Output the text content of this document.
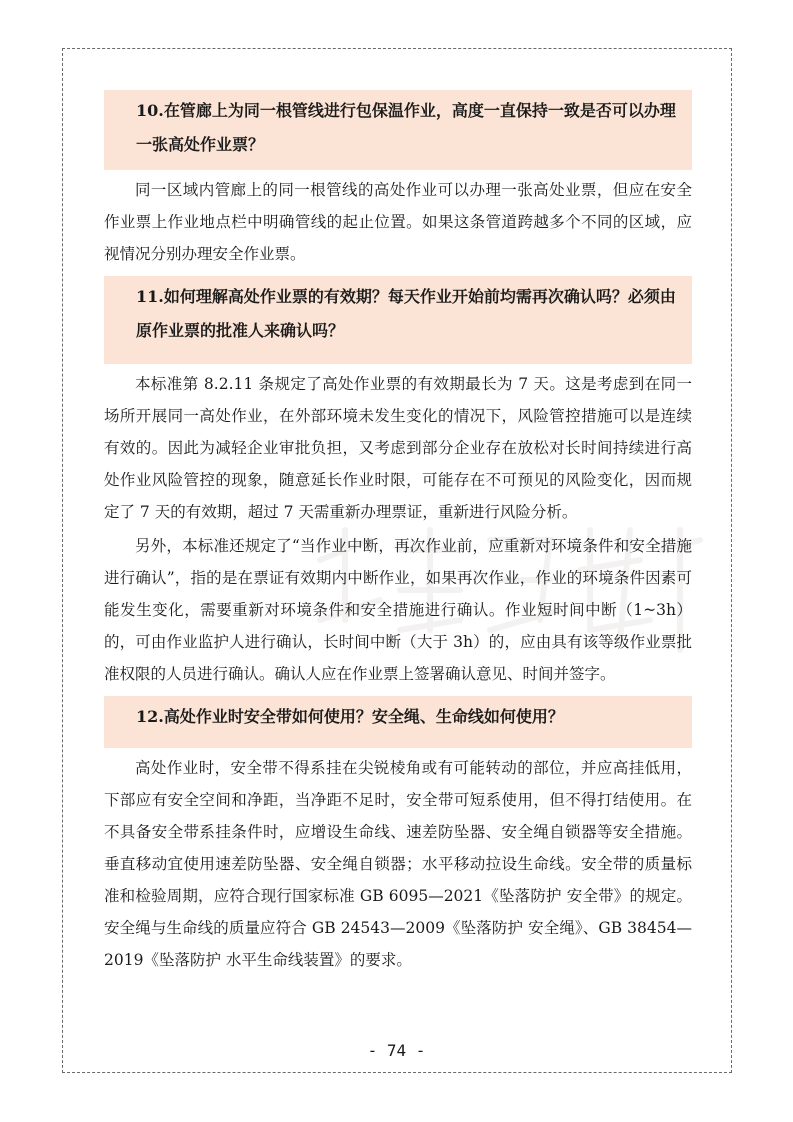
10.在管廊上为同一根管线进行包保温作业，高度一直保持一致是否可以办理一张高处作业票？

同一区域内管廊上的同一根管线的高处作业可以办理一张高处业票，但应在安全作业票上作业地点栏中明确管线的起止位置。如果这条管道跨越多个不同的区域，应视情况分别办理安全作业票。

11.如何理解高处作业票的有效期？每天作业开始前均需再次确认吗？必须由原作业票的批准人来确认吗？

本标准第 8.2.11 条规定了高处作业票的有效期最长为 7 天。这是考虑到在同一场所开展同一高处作业，在外部环境未发生变化的情况下，风险管控措施可以是连续有效的。因此为减轻企业审批负担，又考虑到部分企业存在放松对长时间持续进行高处作业风险管控的现象，随意延长作业时限，可能存在不可预见的风险变化，因而规定了 7 天的有效期，超过 7 天需重新办理票证，重新进行风险分析。

另外，本标准还规定了“当作业中断，再次作业前，应重新对环境条件和安全措施进行确认”，指的是在票证有效期内中断作业，如果再次作业，作业的环境条件因素可能发生变化，需要重新对环境条件和安全措施进行确认。作业短时间中断（1~3h）的，可由作业监护人进行确认，长时间中断（大于 3h）的，应由具有该等级作业票批准权限的人员进行确认。确认人应在作业票上签署确认意见、时间并签字。

12.高处作业时安全带如何使用？安全绳、生命线如何使用？

高处作业时，安全带不得系挂在尖锐棱角或有可能转动的部位，并应高挂低用，下部应有安全空间和净距，当净距不足时，安全带可短系使用，但不得打结使用。在不具备安全带系挂条件时，应增设生命线、速差防坠器、安全绳自锁器等安全措施。垂直移动宜使用速差防坠器、安全绳自锁器；水平移动拉设生命线。安全带的质量标准和检验周期，应符合现行国家标准 GB 6095—2021《坠落防护 安全带》的规定。安全绳与生命线的质量应符合 GB 24543—2009《坠落防护 安全绳》、GB 38454—2019《坠落防护 水平生命线装置》的要求。

- 74 -
